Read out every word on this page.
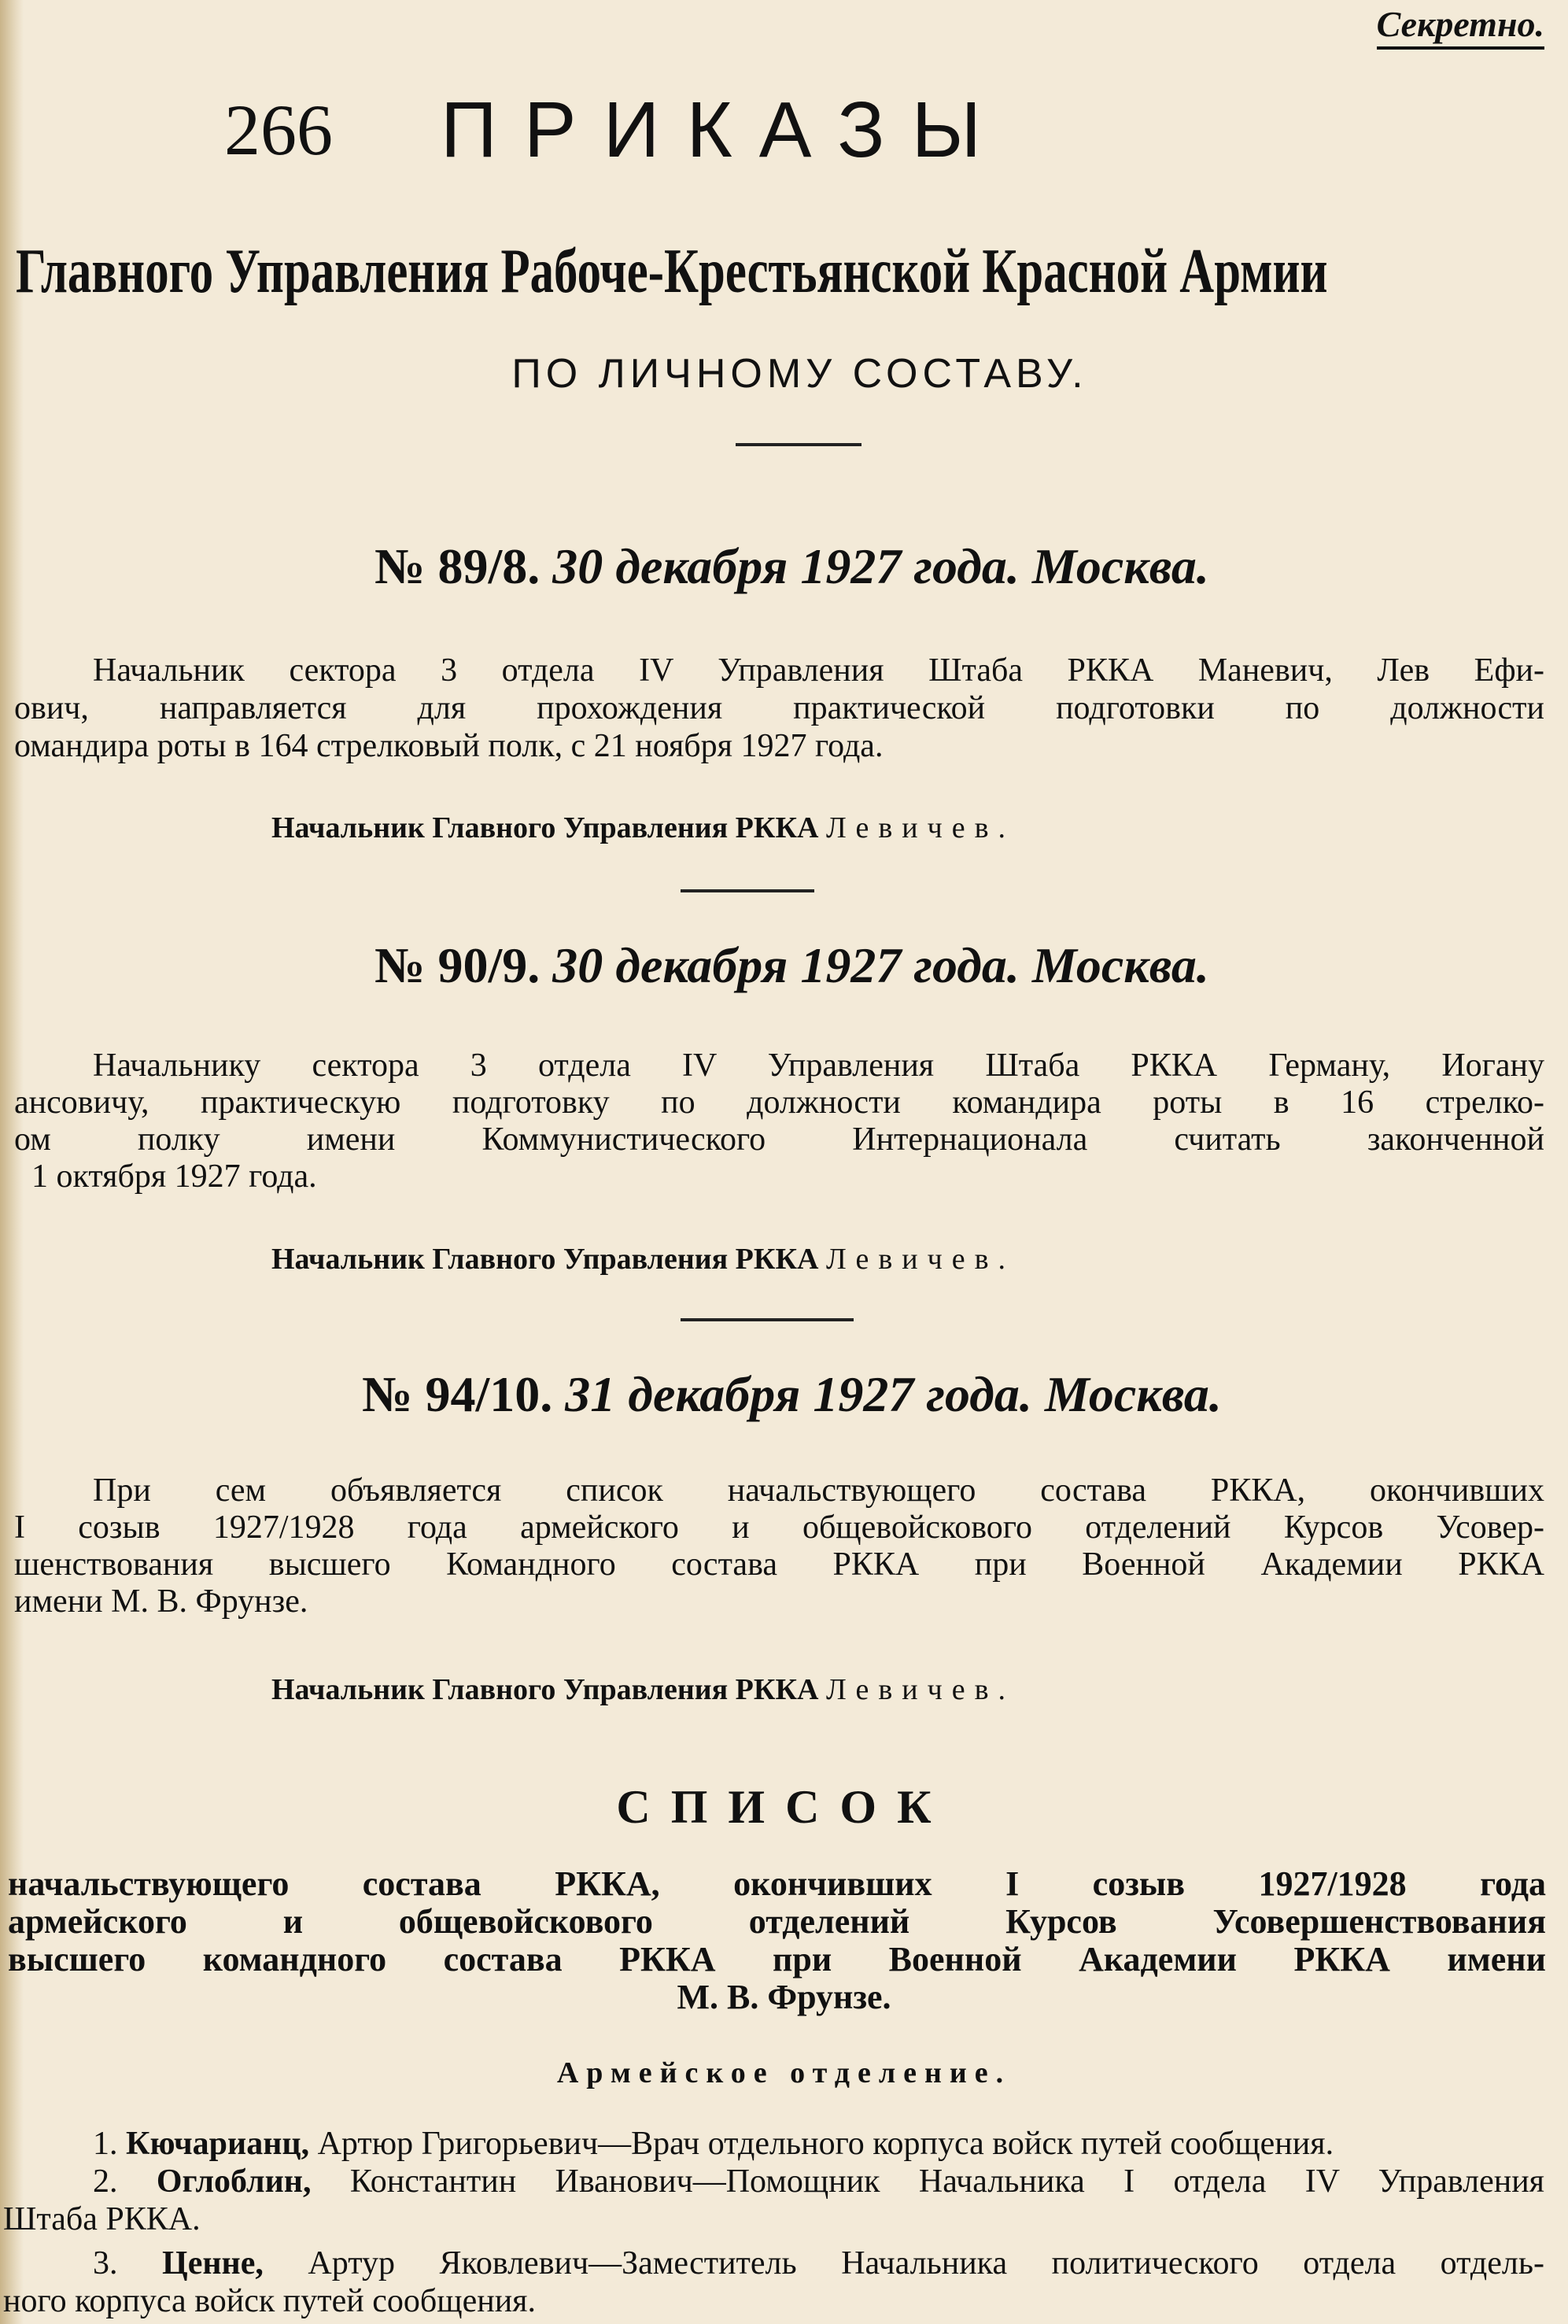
Секретно.
266 ПРИКАЗЫ
Главного Управления Рабоче-Крестьянской Красной Армии
ПО ЛИЧНОМУ СОСТАВУ.
№ 89/8. 30 декабря 1927 года. Москва.
Начальник сектора 3 отдела IV Управления Штаба РККА Маневич, Лев Ефи-
ович, направляется для прохождения практической подготовки по должности
омандира роты в 164 стрелковый полк, с 21 ноября 1927 года.
Начальник Главного Управления РККА Левичев.
№ 90/9. 30 декабря 1927 года. Москва.
Начальнику сектора 3 отдела IV Управления Штаба РККА Герману, Иогану
ансовичу, практическую подготовку по должности командира роты в 16 стрелко-
ом полку имени Коммунистического Интернационала считать законченной
1 октября 1927 года.
Начальник Главного Управления РККА Левичев.
№ 94/10. 31 декабря 1927 года. Москва.
При сем объявляется список начальствующего состава РККА, окончивших
I созыв 1927/1928 года армейского и общевойскового отделений Курсов Усовер-
шенствования высшего Командного состава РККА при Военной Академии РККА
имени М. В. Фрунзе.
Начальник Главного Управления РККА Левичев.
СПИСОК
начальствующего состава РККА, окончивших I созыв 1927/1928 года
армейского и общевойскового отделений Курсов Усовершенствования
высшего командного состава РККА при Военной Академии РККА имени
М. В. Фрунзе.
Армейское отделение.
1. Кючарианц, Артюр Григорьевич—Врач отдельного корпуса войск путей сообщения.
2. Оглоблин, Константин Иванович—Помощник Начальника I отдела IV Управления
Штаба РККА.
3. Ценне, Артур Яковлевич—Заместитель Начальника политического отдела отдель-
ного корпуса войск путей сообщения.
